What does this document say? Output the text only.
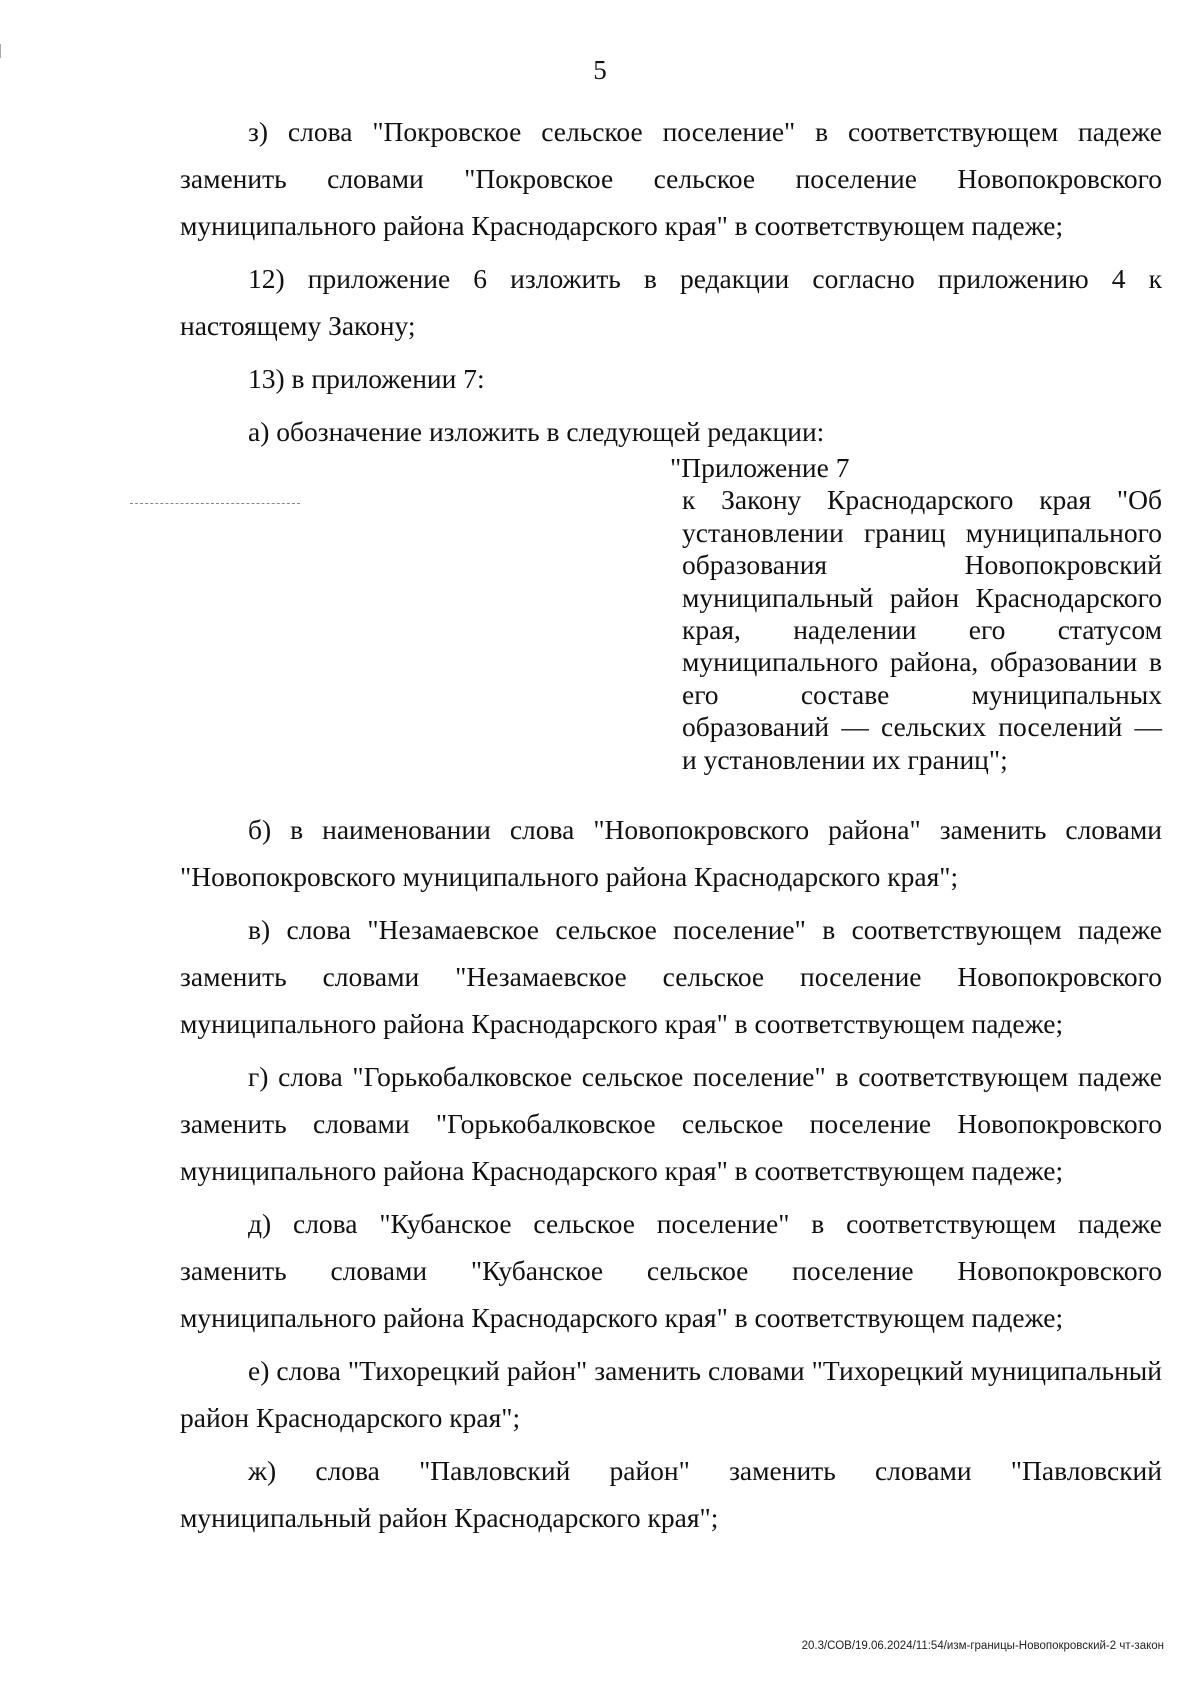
5

з) слова "Покровское сельское поселение" в соответствующем падеже заменить словами "Покровское сельское поселение Новопокровского муниципального района Краснодарского края" в соответствующем падеже;

12) приложение 6 изложить в редакции согласно приложению 4 к настоящему Закону;

13) в приложении 7:

а) обозначение изложить в следующей редакции:

"Приложение 7

к Закону Краснодарского края "Об установлении границ муниципального образования Новопокровский муниципальный район Краснодарского края, наделении его статусом муниципального района, образовании в его составе муниципальных образований — сельских поселений — и установлении их границ";

б) в наименовании слова "Новопокровского района" заменить словами "Новопокровского муниципального района Краснодарского края";

в) слова "Незамаевское сельское поселение" в соответствующем падеже заменить словами "Незамаевское сельское поселение Новопокровского муниципального района Краснодарского края" в соответствующем падеже;

г) слова "Горькобалковское сельское поселение" в соответствующем падеже заменить словами "Горькобалковское сельское поселение Новопокровского муниципального района Краснодарского края" в соответствующем падеже;

д) слова "Кубанское сельское поселение" в соответствующем падеже заменить словами "Кубанское сельское поселение Новопокровского муниципального района Краснодарского края" в соответствующем падеже;

е) слова "Тихорецкий район" заменить словами "Тихорецкий муниципальный район Краснодарского края";

ж) слова "Павловский район" заменить словами "Павловский муниципальный район Краснодарского края";

20.3/СОВ/19.06.2024/11:54/изм-границы-Новопокровский-2 чт-закон
